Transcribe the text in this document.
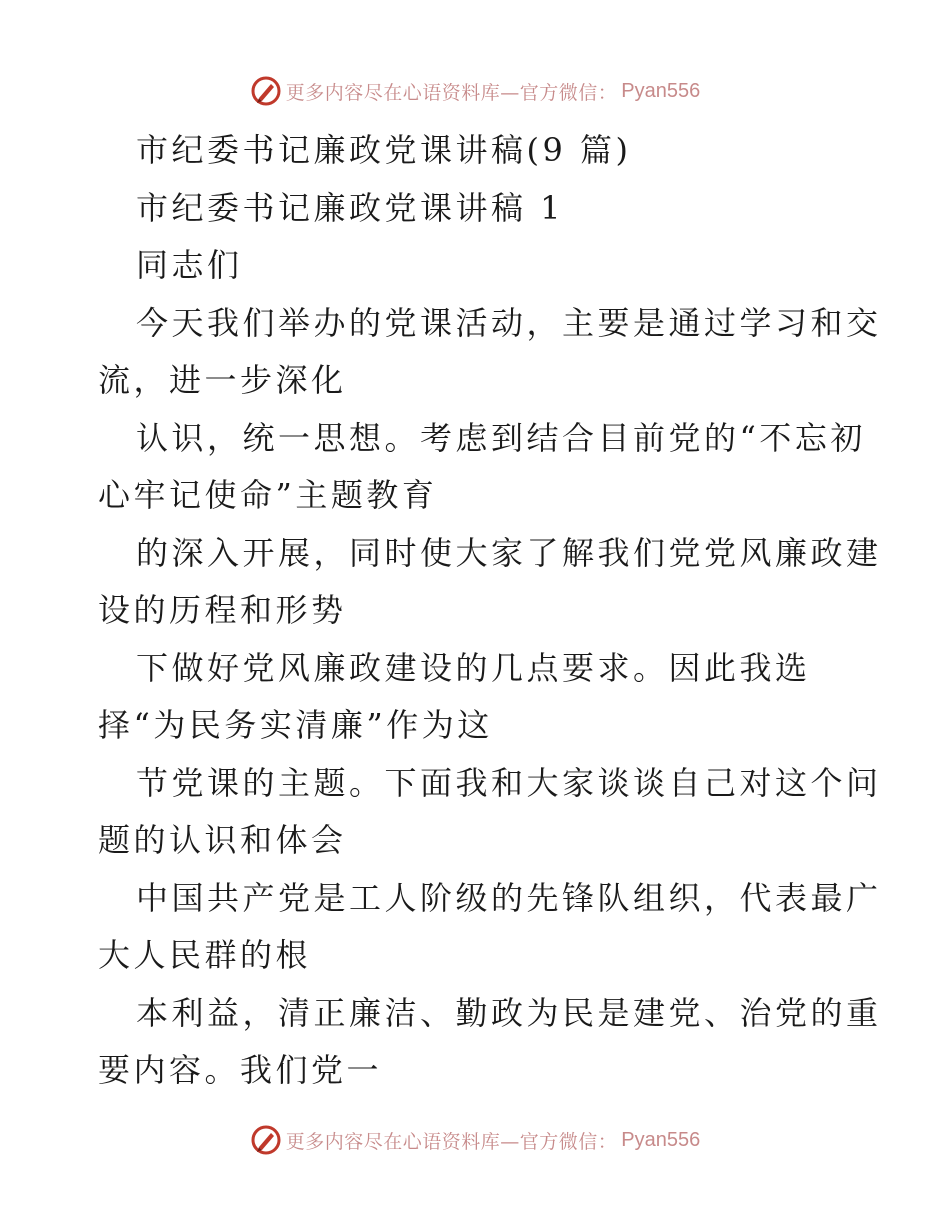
更多内容尽在心语资料库—官方微信： Pyan556
市纪委书记廉政党课讲稿(9 篇)
市纪委书记廉政党课讲稿 1
同志们
今天我们举办的党课活动，主要是通过学习和交
流，进一步深化
认识，统一思想。考虑到结合目前党的“不忘初
心牢记使命”主题教育
的深入开展，同时使大家了解我们党党风廉政建
设的历程和形势
下做好党风廉政建设的几点要求。因此我选
择“为民务实清廉”作为这
节党课的主题。下面我和大家谈谈自己对这个问
题的认识和体会
中国共产党是工人阶级的先锋队组织，代表最广
大人民群的根
本利益，清正廉洁、勤政为民是建党、治党的重
要内容。我们党一
更多内容尽在心语资料库—官方微信： Pyan556
